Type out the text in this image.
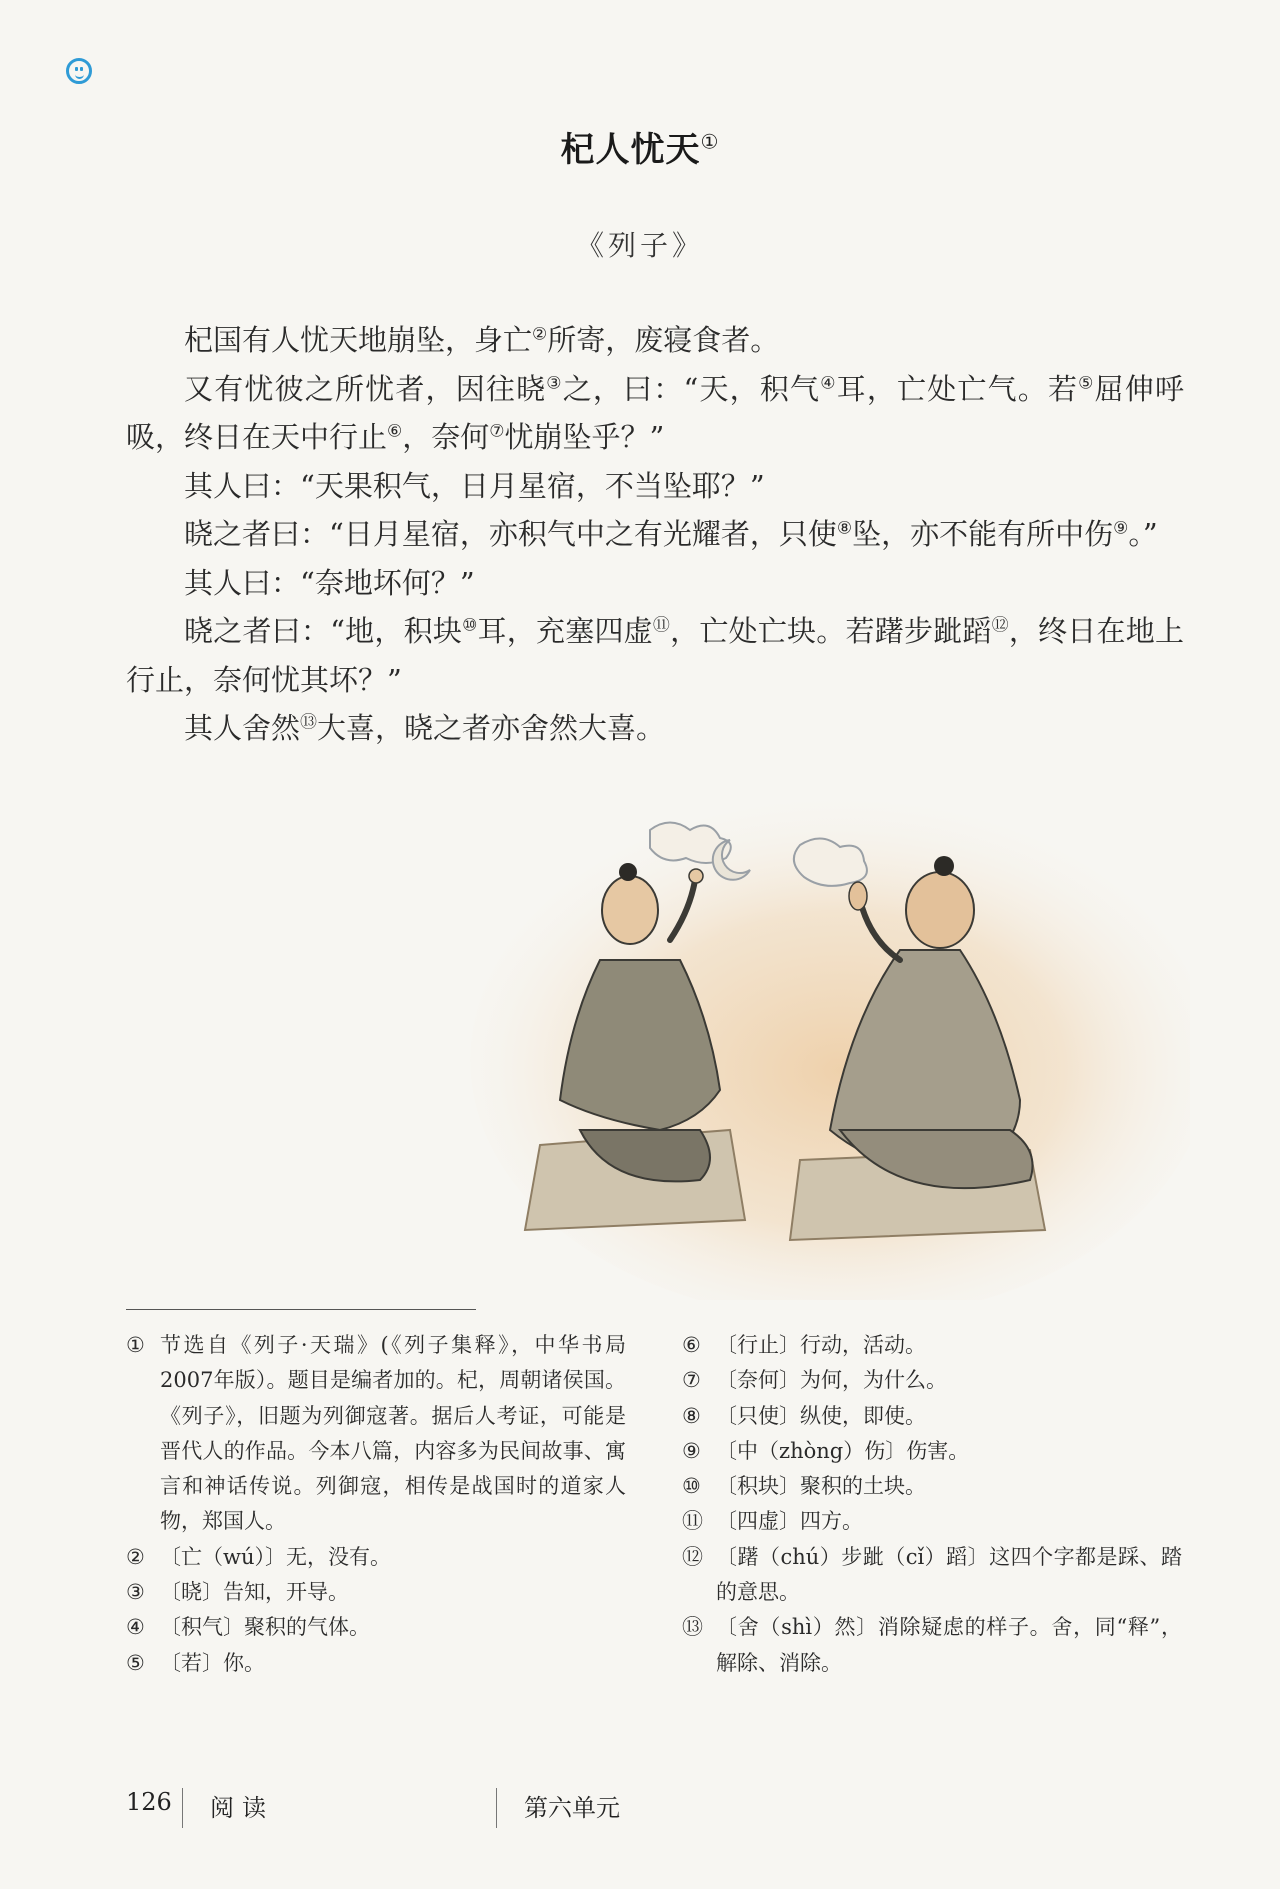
杞人忧天①
《列子》

杞国有人忧天地崩坠，身亡②所寄，废寝食者。

又有忧彼之所忧者，因往晓③之，曰：“天，积气④耳，亡处亡气。若⑤屈伸呼吸，终日在天中行止⑥，奈何⑦忧崩坠乎？”

其人曰：“天果积气，日月星宿，不当坠耶？”

晓之者曰：“日月星宿，亦积气中之有光耀者，只使⑧坠，亦不能有所中伤⑨。”

其人曰：“奈地坏何？”

晓之者曰：“地，积块⑩耳，充塞四虚⑪，亡处亡块。若躇步跐蹈⑫，终日在地上行止，奈何忧其坏？”

其人舍然⑬大喜，晓之者亦舍然大喜。

① 节选自《列子·天瑞》(《列子集释》，中华书局2007年版）。题目是编者加的。杞，周朝诸侯国。《列子》，旧题为列御寇著。据后人考证，可能是晋代人的作品。今本八篇，内容多为民间故事、寓言和神话传说。列御寇，相传是战国时的道家人物，郑国人。
② 〔亡（wú）〕无，没有。
③ 〔晓〕告知，开导。
④ 〔积气〕聚积的气体。
⑤ 〔若〕你。
⑥ 〔行止〕行动，活动。
⑦ 〔奈何〕为何，为什么。
⑧ 〔只使〕纵使，即使。
⑨ 〔中（zhòng）伤〕伤害。
⑩ 〔积块〕聚积的土块。
⑪ 〔四虚〕四方。
⑫ 〔躇（chú）步跐（cǐ）蹈〕这四个字都是踩、踏的意思。
⑬ 〔舍（shì）然〕消除疑虑的样子。舍，同“释”，解除、消除。
126 阅读	第六单元
